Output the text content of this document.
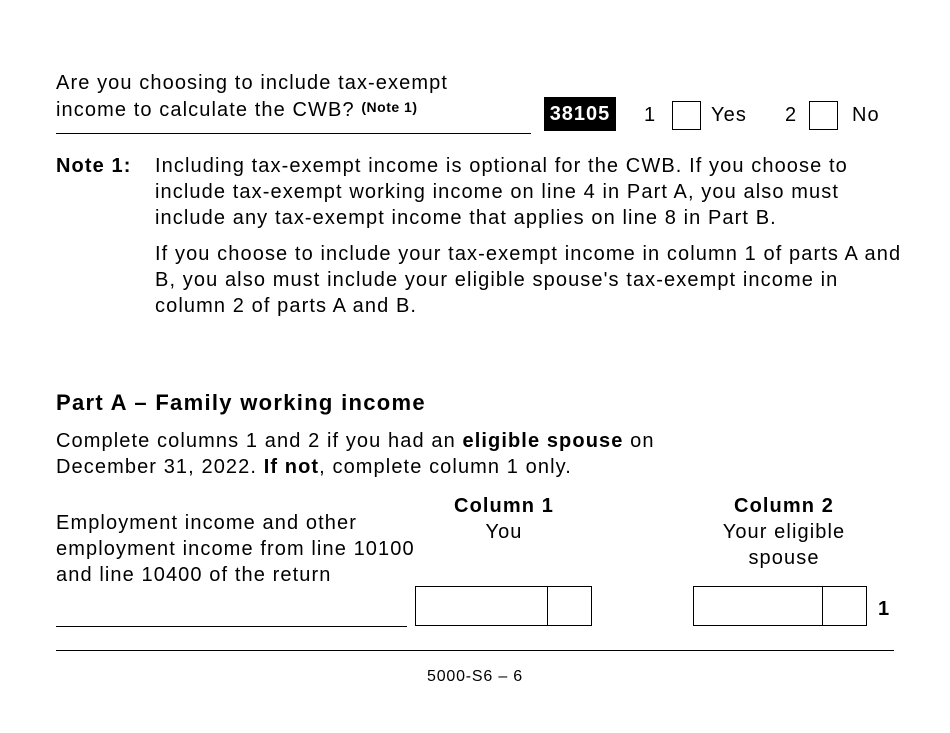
Are you choosing to include tax-exempt
income to calculate the CWB? $^{(Note 1)}$	38105 1	Yes 2	No
Note 1: Including tax-exempt income is optional for the CWB. If you choose to include tax-exempt working income on line 4 in Part A, you also must include any tax-exempt income that applies on line 8 in Part B.

If you choose to include your tax-exempt income in column 1 of parts A and B, you also must include your eligible spouse's tax-exempt income in column 2 of parts A and B.

Part A – Family working income
Complete columns 1 and 2 if you had an eligible spouse on December 31, 2022. If not, complete column 1 only.
Column 1
You
Column 2
Your eligible
spouse
Employment income and other employment income from line 10100 and line 10400 of the return
1
5000-S6 – 6
